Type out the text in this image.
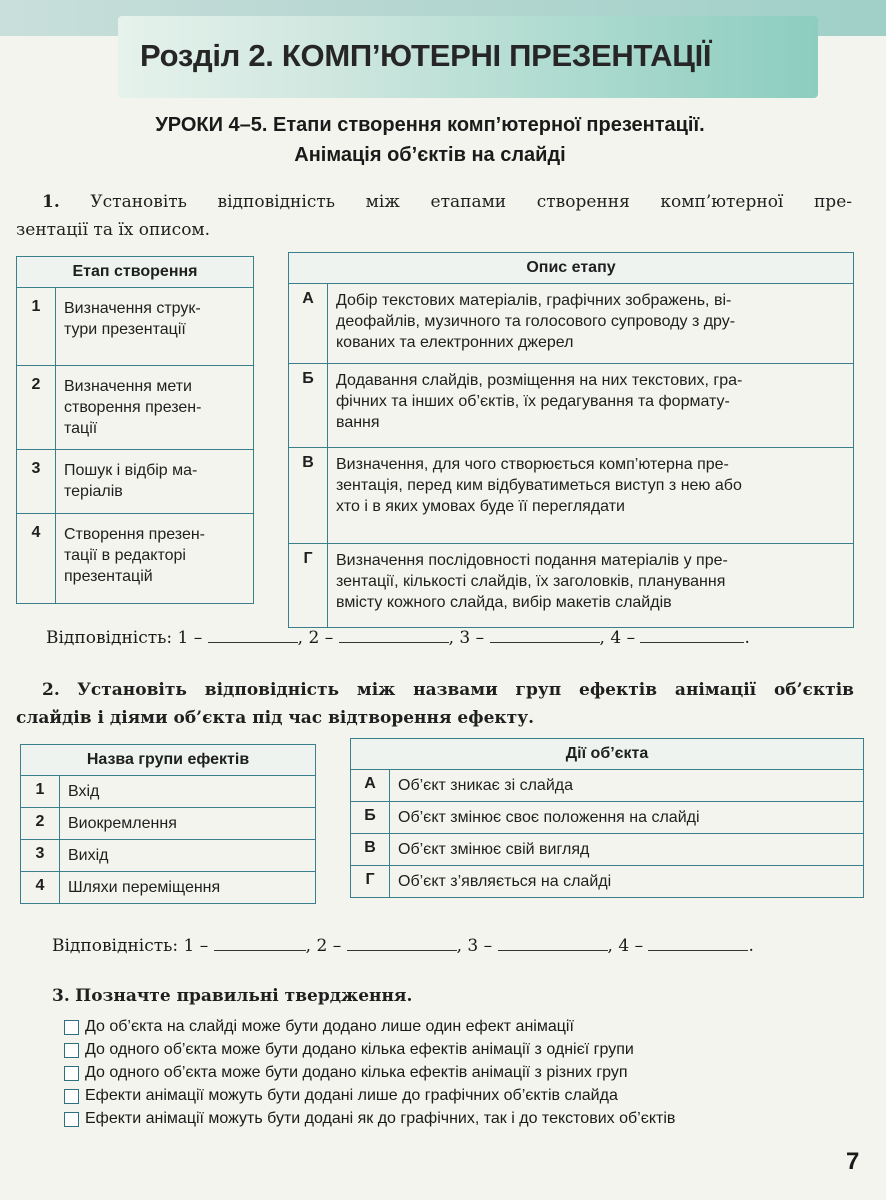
Розділ 2. КОМП’ЮТЕРНІ ПРЕЗЕНТАЦІЇ
УРОКИ 4–5. Етапи створення комп’ютерної презентації.
Анімація об’єктів на слайді
1. Установіть відповідність між етапами створення комп’ютерної пре-
зентації та їх описом.
Етап створення	
1	Визначення струк-
тури презентації
2	Визначення мети
створення презен-
тації
3	Пошук і відбір ма-
теріалів
4	Створення презен-
тації в редакторі
презентацій
Опис етапу	
А	Добір текстових матеріалів, графічних зображень, ві-
деофайлів, музичного та голосового супроводу з дру-
кованих та електронних джерел
Б	Додавання слайдів, розміщення на них текстових, гра-
фічних та інших об’єктів, їх редагування та формату-
вання
В	Визначення, для чого створюється комп’ютерна пре-
зентація, перед ким відбуватиметься виступ з нею або
хто і в яких умовах буде її переглядати
Г	Визначення послідовності подання матеріалів у пре-
зентації, кількості слайдів, їх заголовків, планування
вмісту кожного слайда, вибір макетів слайдів
Відповідність: 1 –	, 2 –	, 3 –	, 4 –	.
2. Установіть відповідність між назвами груп ефектів анімації об’єктів
слайдів і діями об’єкта під час відтворення ефекту.
Назва групи ефектів	
1	Вхід
2	Виокремлення
3	Вихід
4	Шляхи переміщення
Дії об’єкта	
А	Об’єкт зникає зі слайда
Б	Об’єкт змінює своє положення на слайді
В	Об’єкт змінює свій вигляд
Г	Об’єкт з’являється на слайді
Відповідність: 1 –	, 2 –	, 3 –	, 4 –	.
3. Позначте правильні твердження.
До об’єкта на слайді може бути додано лише один ефект анімації
До одного об’єкта може бути додано кілька ефектів анімації з однієї групи
До одного об’єкта може бути додано кілька ефектів анімації з різних груп
Ефекти анімації можуть бути додані лише до графічних об’єктів слайда
Ефекти анімації можуть бути додані як до графічних, так і до текстових об’єктів
7
